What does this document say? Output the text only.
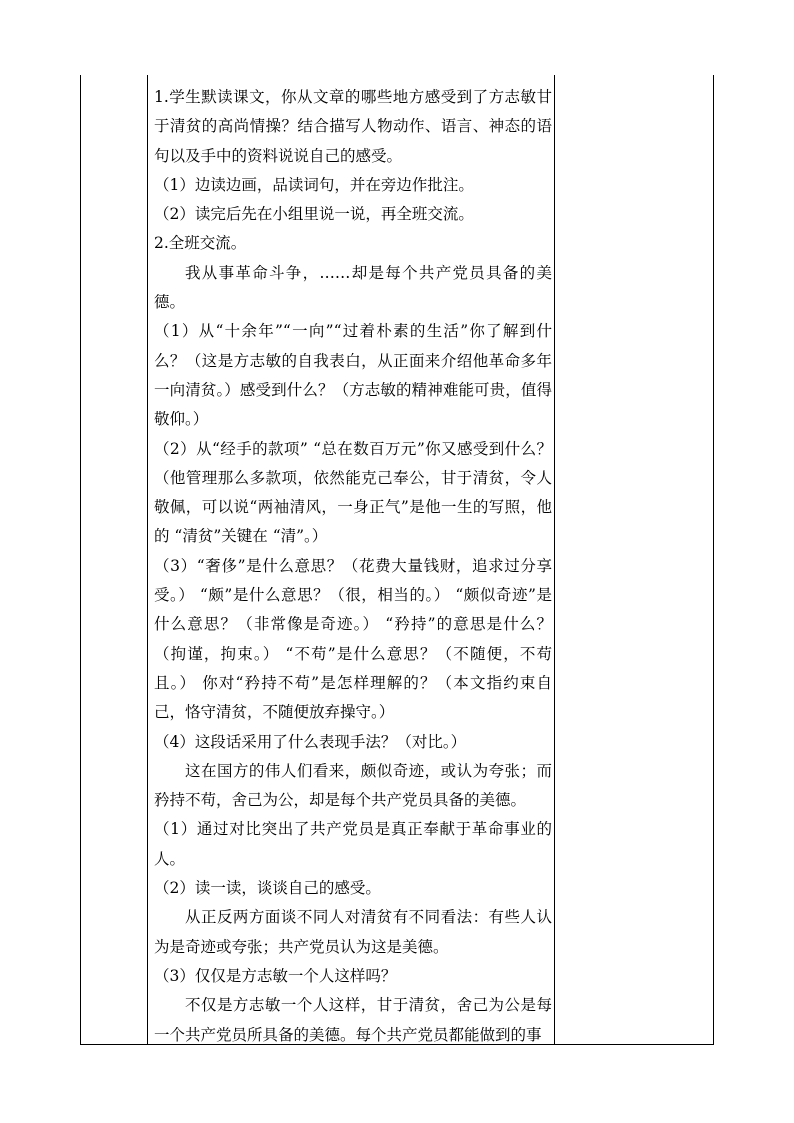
1.学生默读课文，你从文章的哪些地方感受到了方志敏甘于清贫的高尚情操？结合描写人物动作、语言、神态的语句以及手中的资料说说自己的感受。

（1）边读边画，品读词句，并在旁边作批注。

（2）读完后先在小组里说一说，再全班交流。

2.全班交流。

我从事革命斗争，……却是每个共产党员具备的美德。

（1）从“十余年”“一向”“过着朴素的生活”你了解到什么？（这是方志敏的自我表白，从正面来介绍他革命多年一向清贫。）感受到什么？（方志敏的精神难能可贵，值得敬仰。）

（2）从“经手的款项” “总在数百万元”你又感受到什么？（他管理那么多款项，依然能克己奉公，甘于清贫，令人敬佩，可以说“两袖清风，一身正气”是他一生的写照，他的 “清贫”关键在 “清”。）

（3）“奢侈”是什么意思？（花费大量钱财，追求过分享受。） “颇”是什么意思？（很，相当的。） “颇似奇迹”是什么意思？（非常像是奇迹。） “矜持”的意思是什么？（拘谨，拘束。） “不苟”是什么意思？（不随便，不苟且。） 你对“矜持不苟”是怎样理解的？（本文指约束自己，恪守清贫，不随便放弃操守。）

（4）这段话采用了什么表现手法？（对比。）

这在国方的伟人们看来，颇似奇迹，或认为夸张；而矜持不苟，舍己为公，却是每个共产党员具备的美德。

（1）通过对比突出了共产党员是真正奉献于革命事业的人。

（2）读一读，谈谈自己的感受。

从正反两方面谈不同人对清贫有不同看法：有些人认为是奇迹或夸张；共产党员认为这是美德。

（3）仅仅是方志敏一个人这样吗？

不仅是方志敏一个人这样，甘于清贫，舍己为公是每一个共产党员所具备的美德。每个共产党员都能做到的事
